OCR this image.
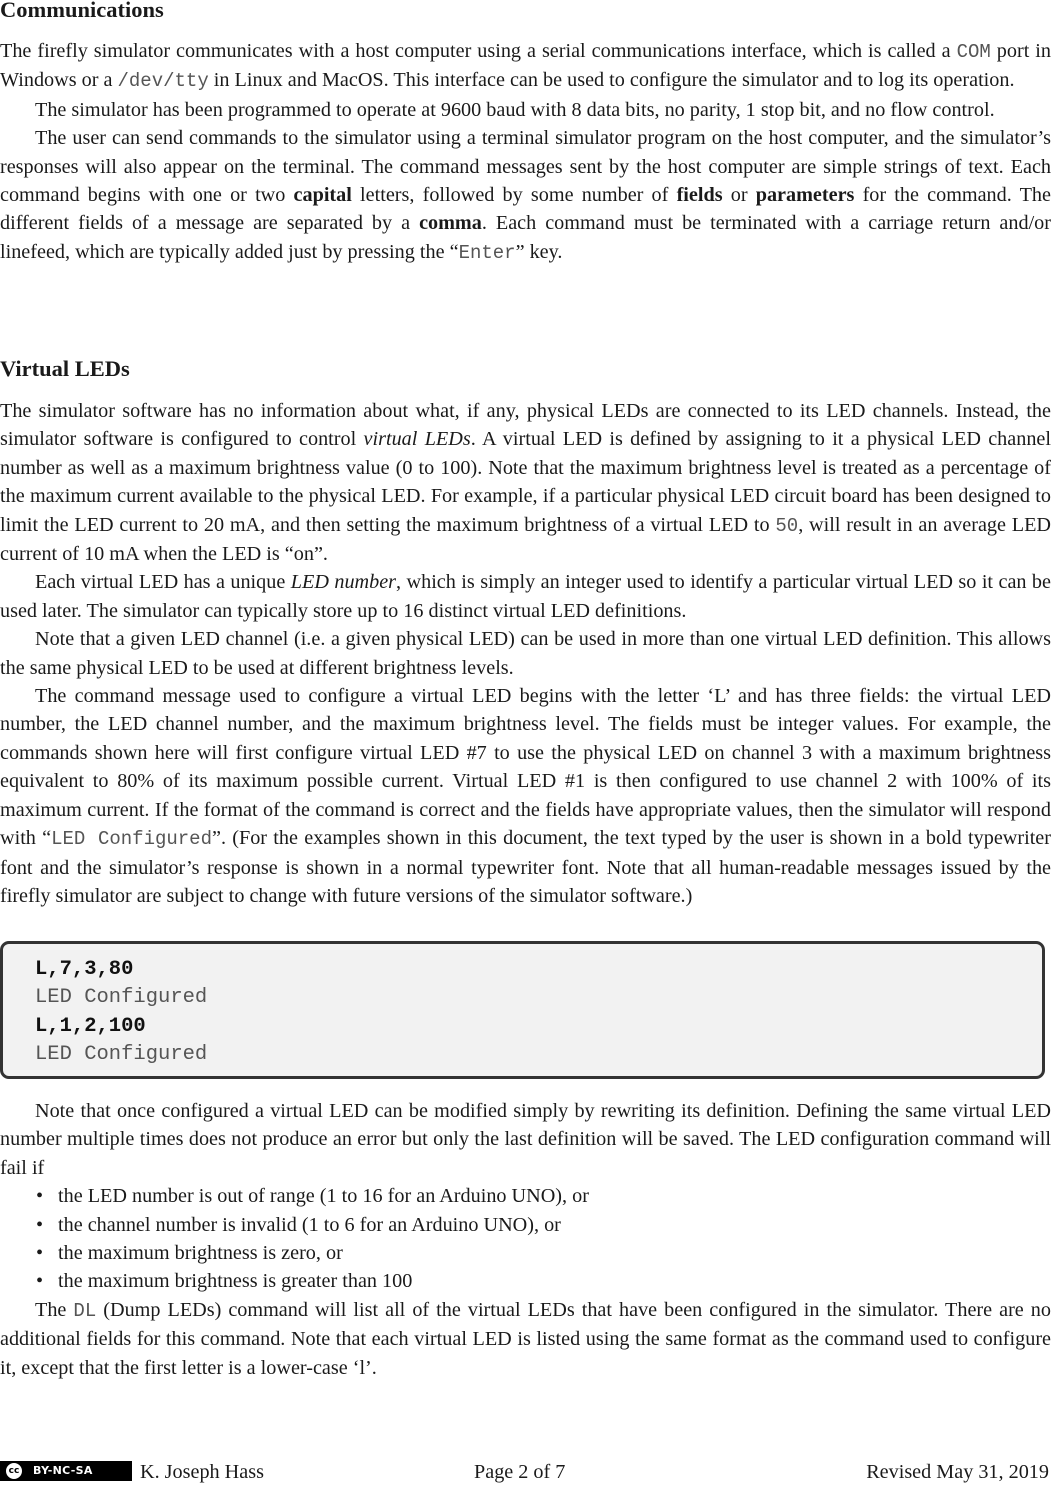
Communications

The firefly simulator communicates with a host computer using a serial communications interface, which is called a COM port in Windows or a /dev/tty in Linux and MacOS. This interface can be used to configure the simulator and to log its operation.

The simulator has been programmed to operate at 9600 baud with 8 data bits, no parity, 1 stop bit, and no flow control.

The user can send commands to the simulator using a terminal simulator program on the host computer, and the simulator’s responses will also appear on the terminal. The command messages sent by the host computer are simple strings of text. Each command begins with one or two capital letters, followed by some number of fields or parameters for the command. The different fields of a message are separated by a comma. Each command must be terminated with a carriage return and/or linefeed, which are typically added just by pressing the “Enter” key.

Virtual LEDs

The simulator software has no information about what, if any, physical LEDs are connected to its LED channels. Instead, the simulator software is configured to control virtual LEDs. A virtual LED is defined by assigning to it a physical LED channel number as well as a maximum brightness value (0 to 100). Note that the maximum brightness level is treated as a percentage of the maximum current available to the physical LED. For example, if a particular physical LED circuit board has been designed to limit the LED current to 20 mA, and then setting the maximum brightness of a virtual LED to 50, will result in an average LED current of 10 mA when the LED is “on”.

Each virtual LED has a unique LED number, which is simply an integer used to identify a particular virtual LED so it can be used later. The simulator can typically store up to 16 distinct virtual LED definitions.

Note that a given LED channel (i.e. a given physical LED) can be used in more than one virtual LED definition. This allows the same physical LED to be used at different brightness levels.

The command message used to configure a virtual LED begins with the letter ‘L’ and has three fields: the virtual LED number, the LED channel number, and the maximum brightness level. The fields must be integer values. For example, the commands shown here will first configure virtual LED #7 to use the physical LED on channel 3 with a maximum brightness equivalent to 80% of its maximum possible current. Virtual LED #1 is then configured to use channel 2 with 100% of its maximum current. If the format of the command is correct and the fields have appropriate values, then the simulator will respond with “LED Configured”. (For the examples shown in this document, the text typed by the user is shown in a bold typewriter font and the simulator’s response is shown in a normal typewriter font. Note that all human-readable messages issued by the firefly simulator are subject to change with future versions of the simulator software.)

L,7,3,80
LED Configured
L,1,2,100
LED Configured

Note that once configured a virtual LED can be modified simply by rewriting its definition. Defining the same virtual LED number multiple times does not produce an error but only the last definition will be saved. The LED configuration command will fail if

• the LED number is out of range (1 to 16 for an Arduino UNO), or
• the channel number is invalid (1 to 6 for an Arduino UNO), or
• the maximum brightness is zero, or
• the maximum brightness is greater than 100

The DL (Dump LEDs) command will list all of the virtual LEDs that have been configured in the simulator. There are no additional fields for this command. Note that each virtual LED is listed using the same format as the command used to configure it, except that the first letter is a lower-case ‘l’.

cc BY-NC-SA K. Joseph Hass	Page 2 of 7	Revised May 31, 2019
